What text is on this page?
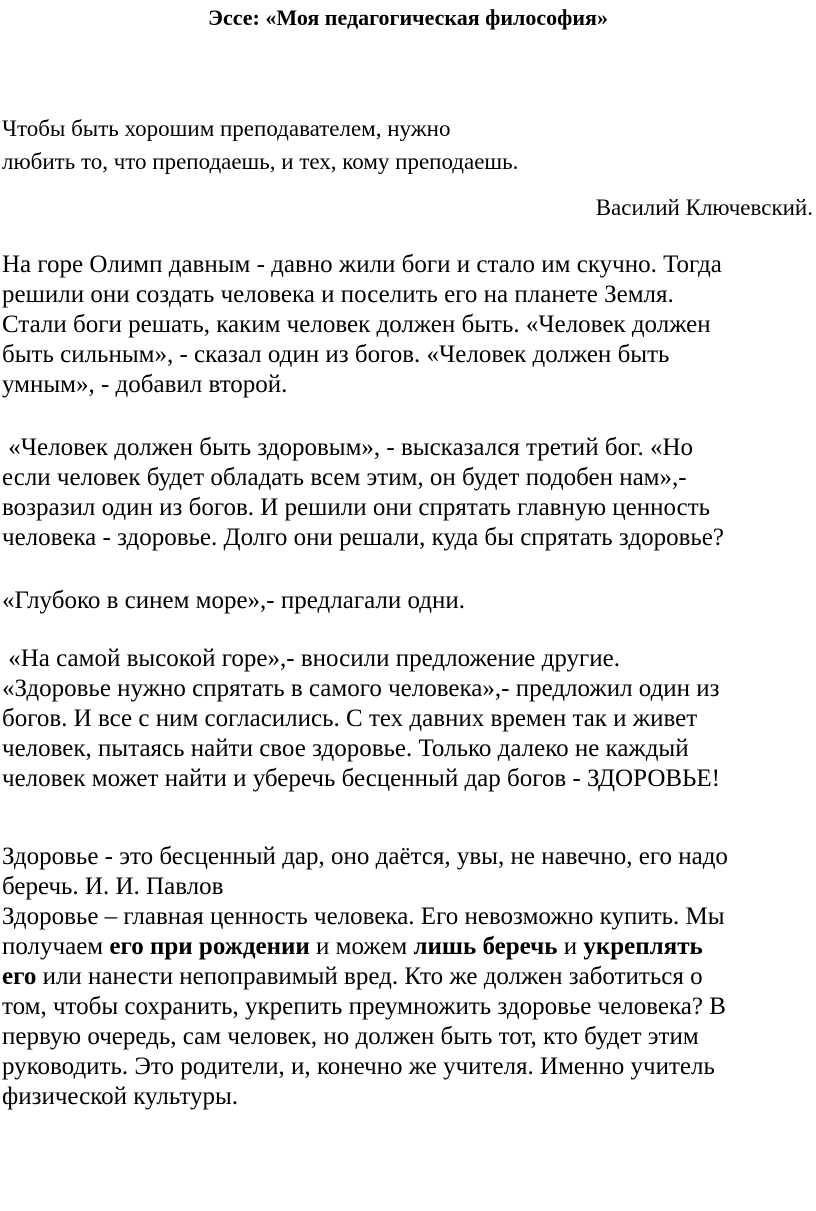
Эссе: «Моя педагогическая философия»
Чтобы быть хорошим преподавателем, нужно
любить то, что преподаешь, и тех, кому преподаешь.
Василий Ключевский.
На горе Олимп давным - давно жили боги и стало им скучно. Тогда
решили они создать человека и поселить его на планете Земля.
Стали боги решать, каким человек должен быть. «Человек должен
быть сильным», - сказал один из богов. «Человек должен быть
умным», - добавил второй.
«Человек должен быть здоровым», - высказался третий бог. «Но
если человек будет обладать всем этим, он будет подобен нам»,-
возразил один из богов. И решили они спрятать главную ценность
человека - здоровье. Долго они решали, куда бы спрятать здоровье?
«Глубоко в синем море»,- предлагали одни.
«На самой высокой горе»,- вносили предложение другие.
«Здоровье нужно спрятать в самого человека»,- предложил один из
богов. И все с ним согласились. С тех давних времен так и живет
человек, пытаясь найти свое здоровье. Только далеко не каждый
человек может найти и уберечь бесценный дар богов - ЗДОРОВЬЕ!
Здоровье - это бесценный дар, оно даётся, увы, не навечно, его надо
беречь. И. И. Павлов
Здоровье – главная ценность человека. Его невозможно купить. Мы
получаем его при рождении и можем лишь беречь и укреплять
его или нанести непоправимый вред. Кто же должен заботиться о
том, чтобы сохранить, укрепить преумножить здоровье человека? В
первую очередь, сам человек, но должен быть тот, кто будет этим
руководить. Это родители, и, конечно же учителя. Именно учитель
физической культуры.
